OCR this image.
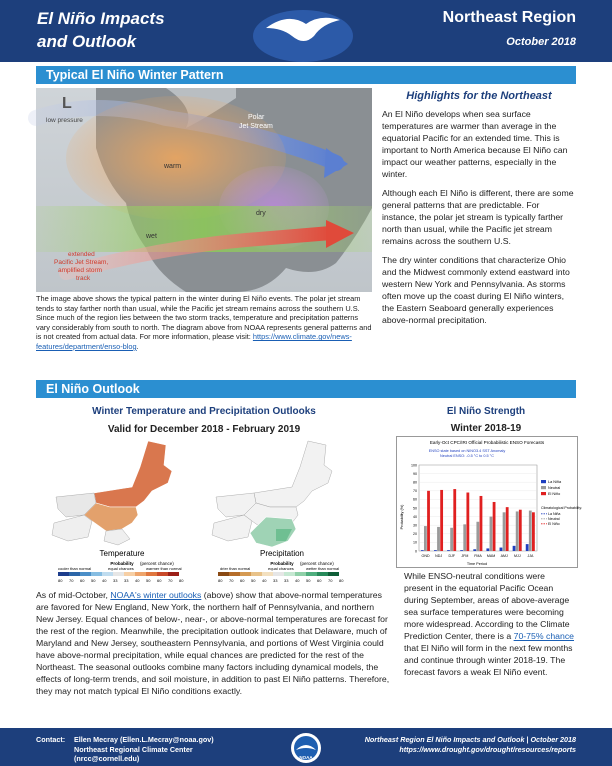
El Niño Impacts
and Outlook
Northeast Region
October 2018
Typical El Niño Winter Pattern
L
low pressure	Polar
Jet Stream
warm
dry
wet
extended
Pacific Jet Stream,
amplified storm
track
The image above shows the typical pattern in the winter during El Niño events. The polar jet stream tends to stay farther north than usual, while the Pacific jet stream remains across the southern U.S. Since much of the region lies between the two storm tracks, temperature and precipitation patterns vary considerably from south to north. The diagram above from NOAA represents general patterns and is not created from actual data. For more information, please visit: https://www.climate.gov/news-features/department/enso-blog.
Highlights for the Northeast

An El Niño develops when sea surface temperatures are warmer than average in the equatorial Pacific for an extended time. This is important to North America because El Niño can impact our weather patterns, especially in the winter.

Although each El Niño is different, there are some general patterns that are predictable. For instance, the polar jet stream is typically farther north than usual, while the Pacific jet stream remains across the southern U.S.

The dry winter conditions that characterize Ohio and the Midwest commonly extend eastward into western New York and Pennsylvania. As storms often move up the coast during El Niño winters, the Eastern Seaboard generally experiences above-normal precipitation.

El Niño Outlook
Winter Temperature and Precipitation Outlooks
Valid for December 2018 - February 2019
El Niño Strength
Winter 2018-19
Temperature
Probability (percent chance)
cooler than normal	equal chances	warmer than normal
Precipitation
Probability (percent chance)
drier than normal	equal chances	wetter than normal
80 70 60 50 40 33 33 40 50 60 70 80	80 70 60 50 40 33 33 40 50 60 70 80
Early-Oct CPC/IRI Official Probabilistic ENSO Forecasts
ENSO state based on NINO3.4 SST Anomaly
Neutral ENSO: -0.5 °C to 0.5 °C
Probability (%)
Time Period
0
10
20
30
40
50
60
70
80
90
100
OND NDJ DJF JFM FMA MAM AMJ MJJ JJA
La Niña
Neutral
El Niño
Climatological Probability:
La Niña
Neutral
El Niño
While ENSO-neutral conditions were present in the equatorial Pacific Ocean during September, areas of above-average sea surface temperatures were becoming more widespread. According to the Climate Prediction Center, there is a 70-75% chance that El Niño will form in the next few months and continue through winter 2018-19. The forecast favors a weak El Niño event.
As of mid-October, NOAA's winter outlooks (above) show that above-normal temperatures are favored for New England, New York, the northern half of Pennsylvania, and northern New Jersey. Equal chances of below-, near-, or above-normal temperatures are forecast for the rest of the region. Meanwhile, the precipitation outlook indicates that Delaware, much of Maryland and New Jersey, southeastern Pennsylvania, and portions of West Virginia could have above-normal precipitation, while equal chances are predicted for the rest of the Northeast. The seasonal outlooks combine many factors including dynamical models, the effects of long-term trends, and soil moisture, in addition to past El Niño patterns. Therefore, they may not match typical El Niño conditions exactly.
Contact: Ellen Mecray (Ellen.L.Mecray@noaa.gov)
Northeast Regional Climate Center
(nrcc@cornell.edu)	NOAA
Northeast Region El Niño Impacts and Outlook | October 2018
https://www.drought.gov/drought/resources/reports
